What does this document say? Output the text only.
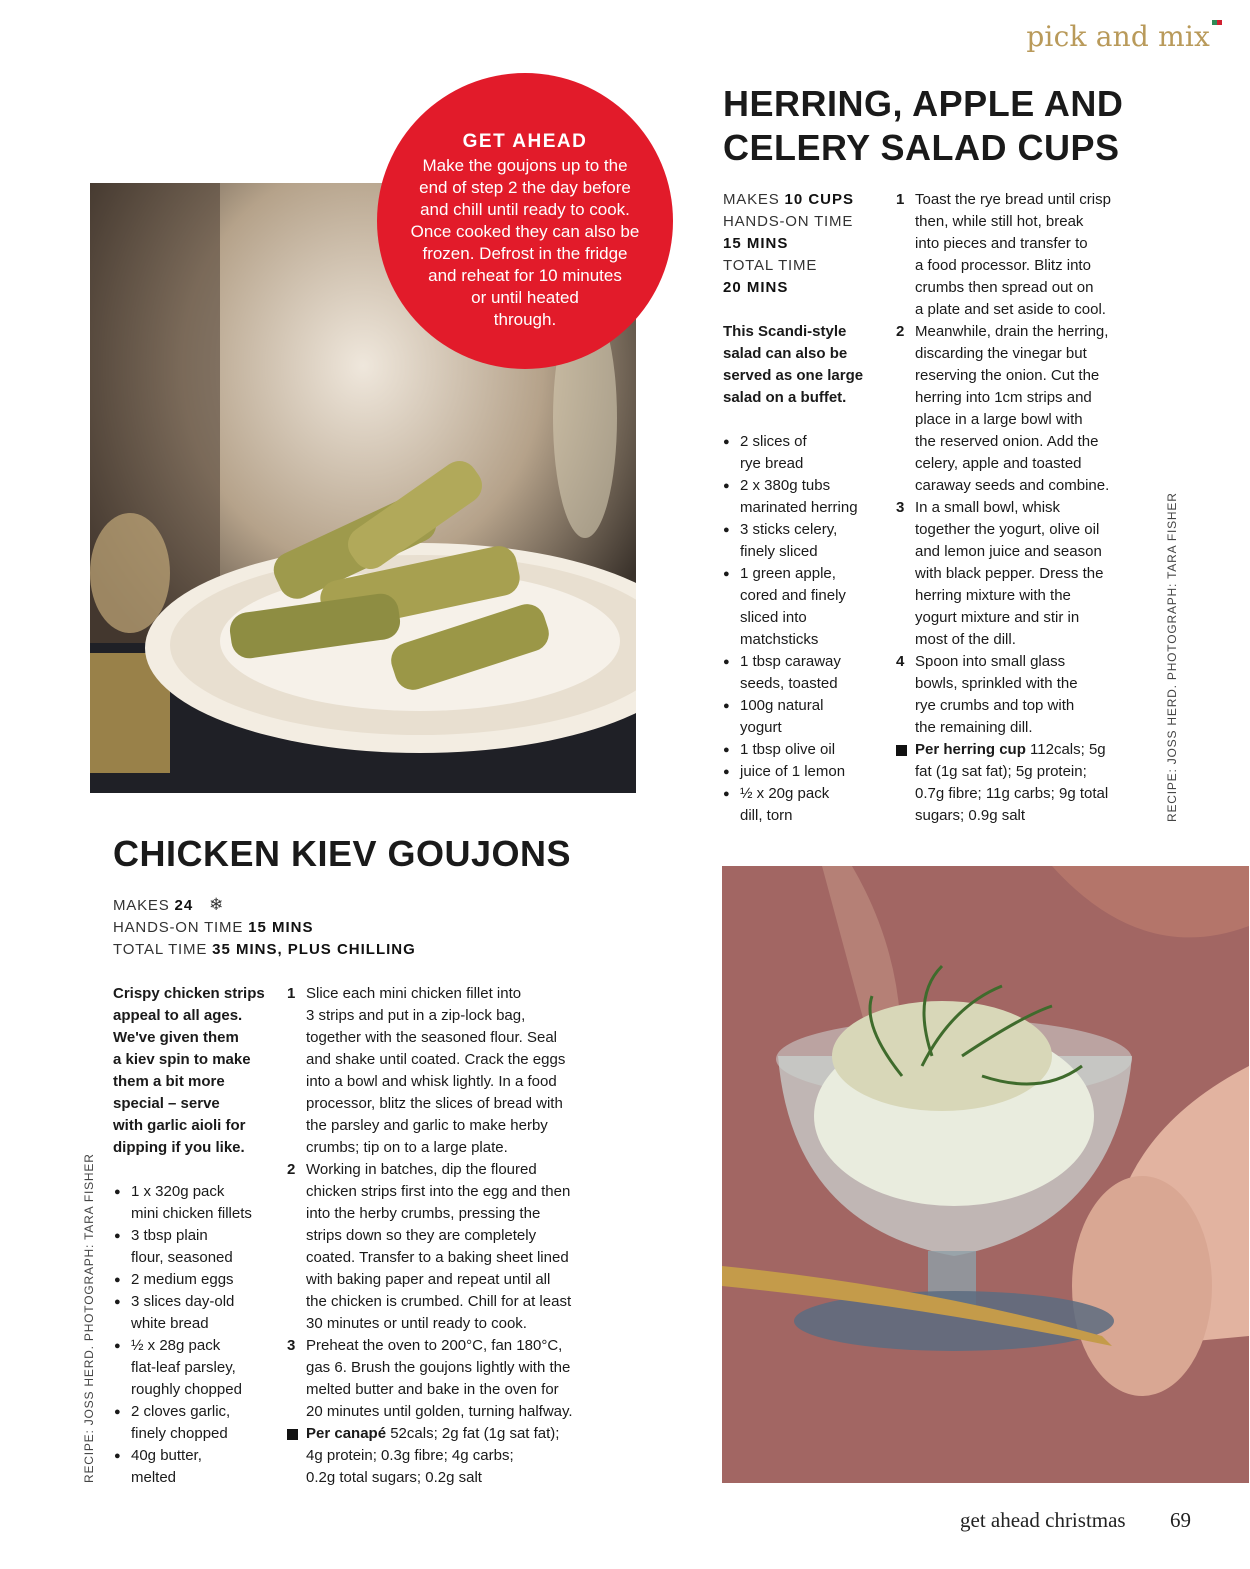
pick and mix
GET AHEAD
Make the goujons up to the
end of step 2 the day before
and chill until ready to cook.
Once cooked they can also be
frozen. Defrost in the fridge
and reheat for 10 minutes
or until heated
through.
HERRING, APPLE AND
CELERY SALAD CUPS
MAKES 10 CUPS
HANDS-ON TIME
15 MINS
TOTAL TIME
20 MINS
This Scandi-style
salad can also be
served as one large
salad on a buffet.
● 2 slices of
rye bread
● 2 x 380g tubs
marinated herring
● 3 sticks celery,
finely sliced
● 1 green apple,
cored and finely
sliced into
matchsticks
● 1 tbsp caraway
seeds, toasted
● 100g natural
yogurt
● 1 tbsp olive oil
● juice of 1 lemon
● ½ x 20g pack
dill, torn
1 Toast the rye bread until crisp
then, while still hot, break
into pieces and transfer to
a food processor. Blitz into
crumbs then spread out on
a plate and set aside to cool.
2 Meanwhile, drain the herring,
discarding the vinegar but
reserving the onion. Cut the
herring into 1cm strips and
place in a large bowl with
the reserved onion. Add the
celery, apple and toasted
caraway seeds and combine.
3 In a small bowl, whisk
together the yogurt, olive oil
and lemon juice and season
with black pepper. Dress the
herring mixture with the
yogurt mixture and stir in
most of the dill.
4 Spoon into small glass
bowls, sprinkled with the
rye crumbs and top with
the remaining dill.
Per herring cup 112cals; 5g
fat (1g sat fat); 5g protein;
0.7g fibre; 11g carbs; 9g total
sugars; 0.9g salt	RECIPE: JOSS HERD. PHOTOGRAPH: TARA FISHER
CHICKEN KIEV GOUJONS
MAKES 24 ❄
HANDS-ON TIME 15 MINS
TOTAL TIME 35 MINS, PLUS CHILLING
Crispy chicken strips
appeal to all ages.
We've given them
a kiev spin to make
them a bit more
special – serve
with garlic aioli for
dipping if you like.
● 1 x 320g pack
mini chicken fillets
● 3 tbsp plain
flour, seasoned
● 2 medium eggs
● 3 slices day-old
white bread
● ½ x 28g pack
flat-leaf parsley,
roughly chopped
● 2 cloves garlic,
finely chopped
● 40g butter,
melted
1 Slice each mini chicken fillet into
3 strips and put in a zip-lock bag,
together with the seasoned flour. Seal
and shake until coated. Crack the eggs
into a bowl and whisk lightly. In a food
processor, blitz the slices of bread with
the parsley and garlic to make herby
crumbs; tip on to a large plate.
2 Working in batches, dip the floured
chicken strips first into the egg and then
into the herby crumbs, pressing the
strips down so they are completely
coated. Transfer to a baking sheet lined
with baking paper and repeat until all
the chicken is crumbed. Chill for at least
30 minutes or until ready to cook.
3 Preheat the oven to 200°C, fan 180°C,
gas 6. Brush the goujons lightly with the
melted butter and bake in the oven for
20 minutes until golden, turning halfway.
Per canapé 52cals; 2g fat (1g sat fat);
4g protein; 0.3g fibre; 4g carbs;
0.2g total sugars; 0.2g salt
RECIPE: JOSS HERD. PHOTOGRAPH: TARA FISHER
get ahead christmas 69
